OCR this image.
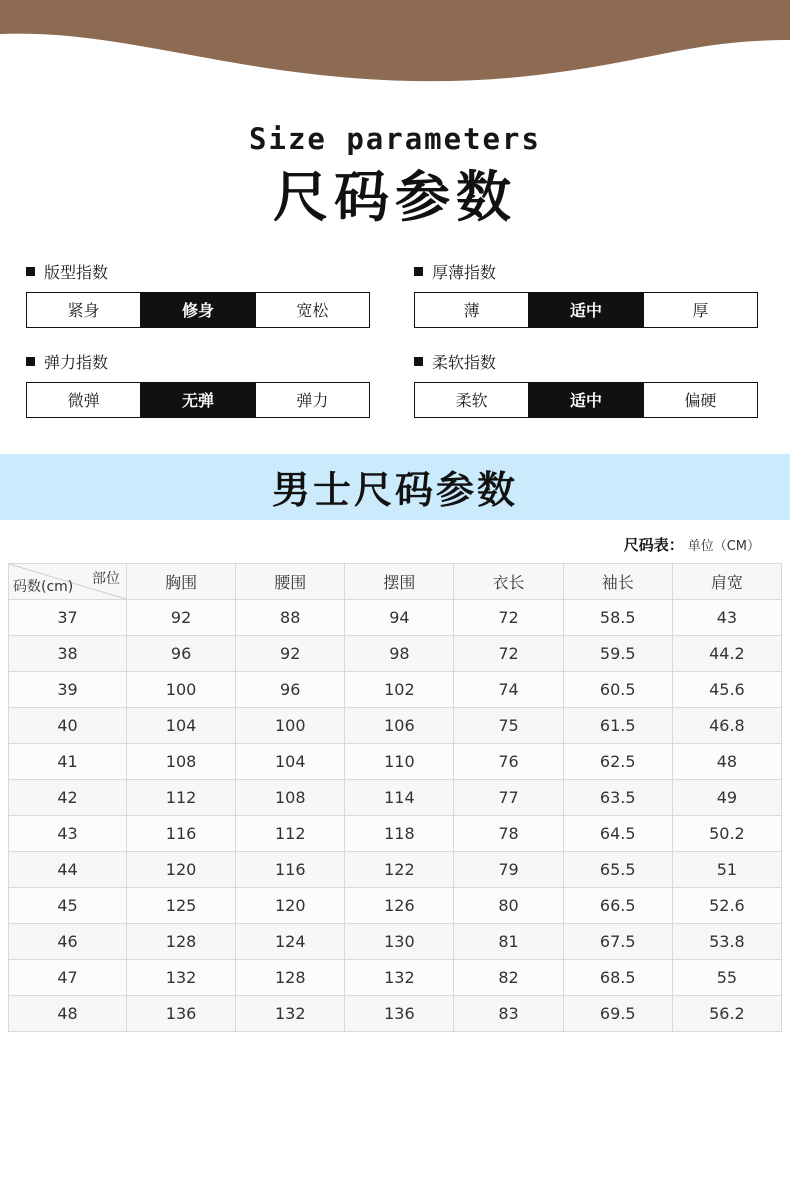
Size parameters
尺码参数
版型指数
紧身	修身	宽松
厚薄指数
薄	适中	厚
弹力指数
微弹	无弹	弹力
柔软指数
柔软	适中	偏硬
男士尺码参数
尺码表： 单位（CM）
部位
码数(cm)	胸围	腰围	摆围	衣长	袖长	肩宽
37	92	88	94	72	58.5	43
38	96	92	98	72	59.5	44.2
39	100	96	102	74	60.5	45.6
40	104	100	106	75	61.5	46.8
41	108	104	110	76	62.5	48
42	112	108	114	77	63.5	49
43	116	112	118	78	64.5	50.2
44	120	116	122	79	65.5	51
45	125	120	126	80	66.5	52.6
46	128	124	130	81	67.5	53.8
47	132	128	132	82	68.5	55
48	136	132	136	83	69.5	56.2
